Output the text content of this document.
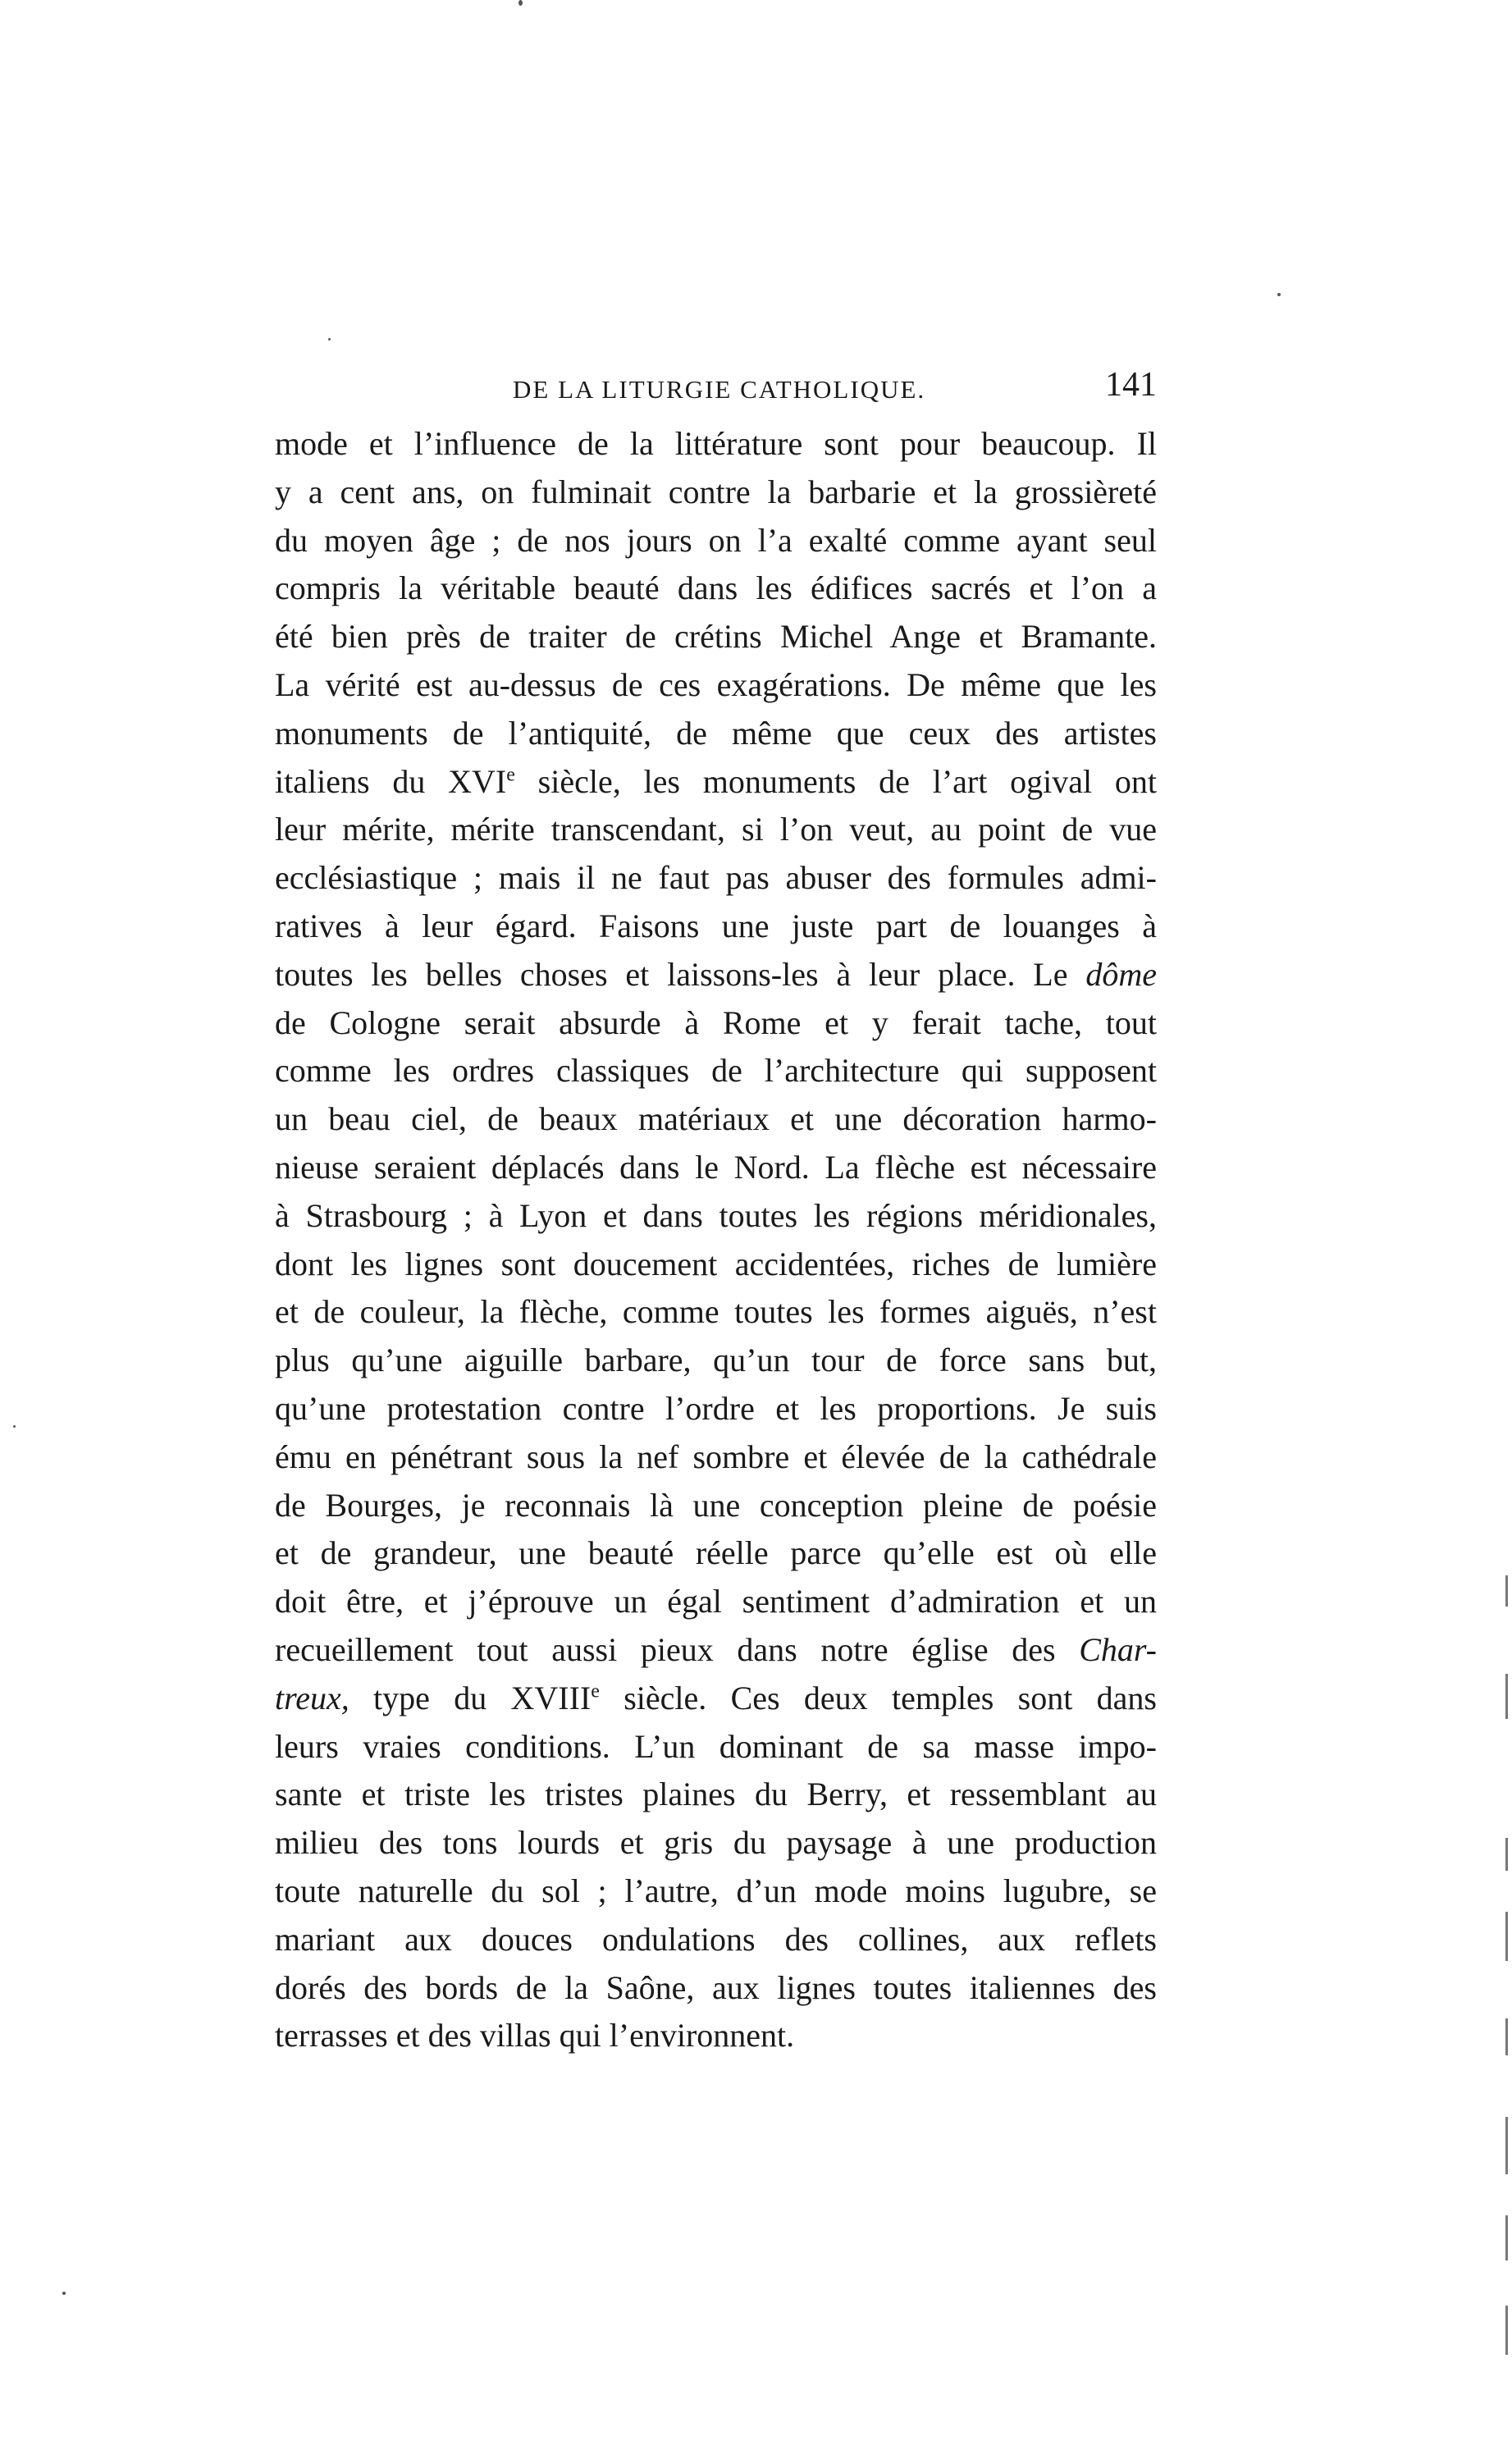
DE LA LITURGIE CATHOLIQUE.	141
mode et l’influence de la littérature sont pour beaucoup. Il
y a cent ans, on fulminait contre la barbarie et la grossièreté
du moyen âge ; de nos jours on l’a exalté comme ayant seul
compris la véritable beauté dans les édifices sacrés et l’on a
été bien près de traiter de crétins Michel Ange et Bramante.
La vérité est au-dessus de ces exagérations. De même que les
monuments de l’antiquité, de même que ceux des artistes
italiens du XVIe siècle, les monuments de l’art ogival ont
leur mérite, mérite transcendant, si l’on veut, au point de vue
ecclésiastique ; mais il ne faut pas abuser des formules admi-
ratives à leur égard. Faisons une juste part de louanges à
toutes les belles choses et laissons-les à leur place. Le dôme
de Cologne serait absurde à Rome et y ferait tache, tout
comme les ordres classiques de l’architecture qui supposent
un beau ciel, de beaux matériaux et une décoration harmo-
nieuse seraient déplacés dans le Nord. La flèche est nécessaire
à Strasbourg ; à Lyon et dans toutes les régions méridionales,
dont les lignes sont doucement accidentées, riches de lumière
et de couleur, la flèche, comme toutes les formes aiguës, n’est
plus qu’une aiguille barbare, qu’un tour de force sans but,
qu’une protestation contre l’ordre et les proportions. Je suis
ému en pénétrant sous la nef sombre et élevée de la cathédrale
de Bourges, je reconnais là une conception pleine de poésie
et de grandeur, une beauté réelle parce qu’elle est où elle
doit être, et j’éprouve un égal sentiment d’admiration et un
recueillement tout aussi pieux dans notre église des Char-
treux, type du XVIIIe siècle. Ces deux temples sont dans
leurs vraies conditions. L’un dominant de sa masse impo-
sante et triste les tristes plaines du Berry, et ressemblant au
milieu des tons lourds et gris du paysage à une production
toute naturelle du sol ; l’autre, d’un mode moins lugubre, se
mariant aux douces ondulations des collines, aux reflets
dorés des bords de la Saône, aux lignes toutes italiennes des
terrasses et des villas qui l’environnent.
